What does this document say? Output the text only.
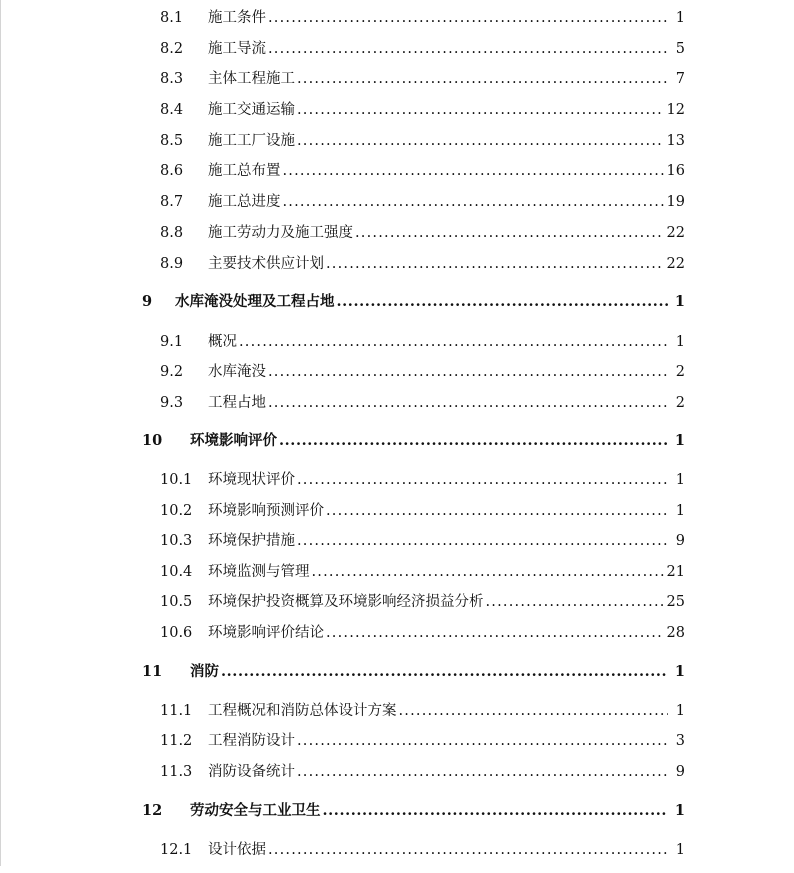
8.1 施工条件 .....	1
8.2 施工导流 .....	5
8.3 主体工程施工 .....	7
8.4 施工交通运输 .....	12
8.5 施工工厂设施 .....	13
8.6 施工总布置 .....	16
8.7 施工总进度 .....	19
8.8 施工劳动力及施工强度 .....	22
8.9 主要技术供应计划 .....	22
9 水库淹没处理及工程占地 .....	1
9.1 概况 .....	1
9.2 水库淹没 .....	2
9.3 工程占地 .....	2
10 环境影响评价 .....	1
10.1 环境现状评价 .....	1
10.2 环境影响预测评价 .....	1
10.3 环境保护措施 .....	9
10.4 环境监测与管理 .....	21
10.5 环境保护投资概算及环境影响经济损益分析 .....	25
10.6 环境影响评价结论 .....	28
11 消防 .....	1
11.1 工程概况和消防总体设计方案 .....	1
11.2 工程消防设计 .....	3
11.3 消防设备统计 .....	9
12 劳动安全与工业卫生 .....	1
12.1 设计依据 .....	1
